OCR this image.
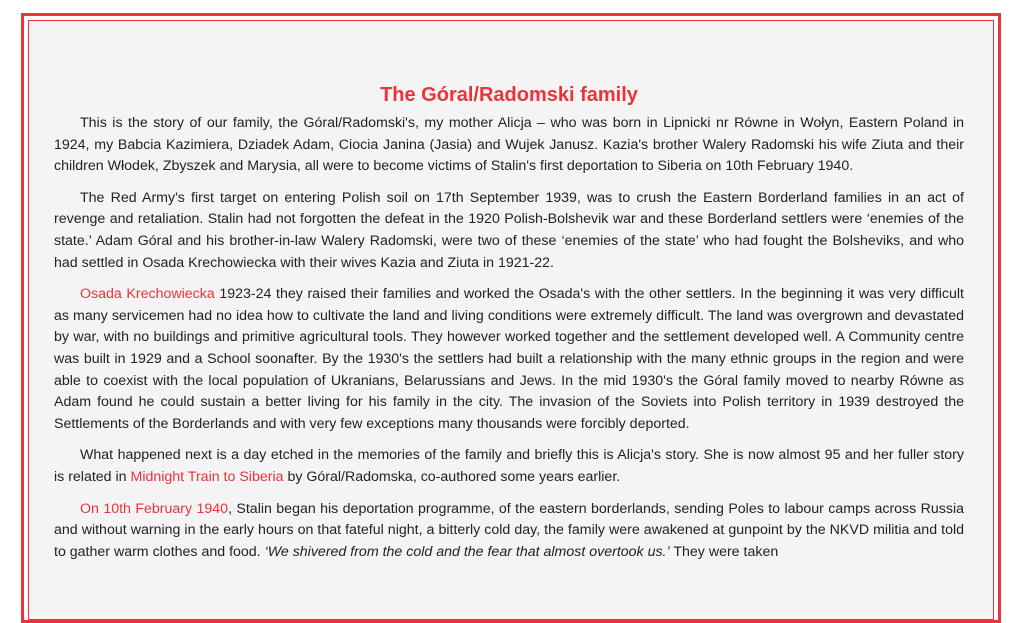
The Góral/Radomski family

This is the story of our family, the Góral/Radomski's, my mother Alicja – who was born in Lipnicki nr Równe in Wołyn, Eastern Poland in 1924, my Babcia Kazimiera, Dziadek Adam, Ciocia Janina (Jasia) and Wujek Janusz. Kazia's brother Walery Radomski his wife Ziuta and their children Włodek, Zbyszek and Marysia, all were to become victims of Stalin's first deportation to Siberia on 10th February 1940.

The Red Army's first target on entering Polish soil on 17th September 1939, was to crush the Eastern Borderland families in an act of revenge and retaliation. Stalin had not forgotten the defeat in the 1920 Polish-Bolshevik war and these Borderland settlers were ‘enemies of the state.’ Adam Góral and his brother-in-law Walery Radomski, were two of these ‘enemies of the state’ who had fought the Bolsheviks, and who had settled in Osada Krechowiecka with their wives Kazia and Ziuta in 1921-22.

Osada Krechowiecka 1923-24 they raised their families and worked the Osada's with the other settlers. In the beginning it was very difficult as many servicemen had no idea how to cultivate the land and living conditions were extremely difficult. The land was overgrown and devastated by war, with no buildings and primitive agricultural tools. They however worked together and the settlement developed well. A Community centre was built in 1929 and a School soonafter. By the 1930's the settlers had built a relationship with the many ethnic groups in the region and were able to coexist with the local population of Ukranians, Belarussians and Jews. In the mid 1930's the Góral family moved to nearby Równe as Adam found he could sustain a better living for his family in the city. The invasion of the Soviets into Polish territory in 1939 destroyed the Settlements of the Borderlands and with very few exceptions many thousands were forcibly deported.

What happened next is a day etched in the memories of the family and briefly this is Alicja's story. She is now almost 95 and her fuller story is related in Midnight Train to Siberia by Góral/Radomska, co-authored some years earlier.

On 10th February 1940, Stalin began his deportation programme, of the eastern borderlands, sending Poles to labour camps across Russia and without warning in the early hours on that fateful night, a bitterly cold day, the family were awakened at gunpoint by the NKVD militia and told to gather warm clothes and food. ‘We shivered from the cold and the fear that almost overtook us.’ They were taken
